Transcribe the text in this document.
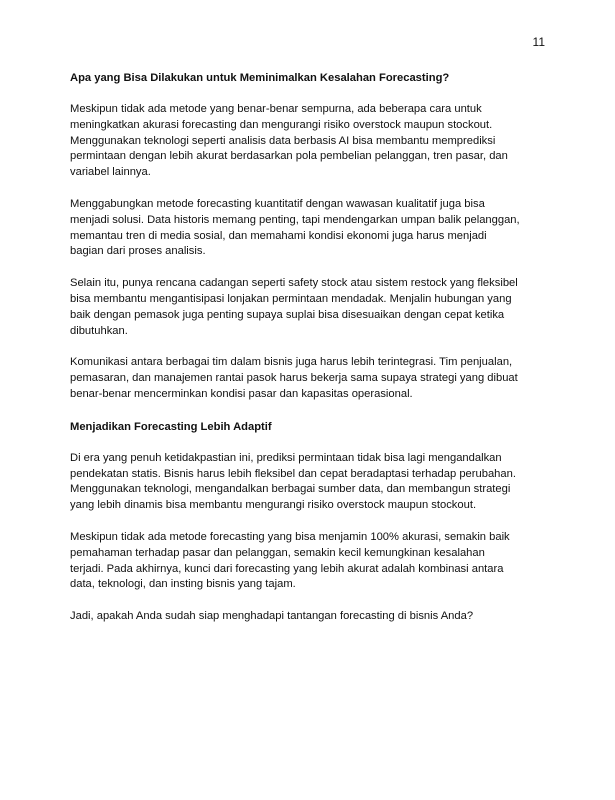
11
Apa yang Bisa Dilakukan untuk Meminimalkan Kesalahan Forecasting?

Meskipun tidak ada metode yang benar-benar sempurna, ada beberapa cara untuk
meningkatkan akurasi forecasting dan mengurangi risiko overstock maupun stockout.
Menggunakan teknologi seperti analisis data berbasis AI bisa membantu memprediksi
permintaan dengan lebih akurat berdasarkan pola pembelian pelanggan, tren pasar, dan
variabel lainnya.

Menggabungkan metode forecasting kuantitatif dengan wawasan kualitatif juga bisa
menjadi solusi. Data historis memang penting, tapi mendengarkan umpan balik pelanggan,
memantau tren di media sosial, dan memahami kondisi ekonomi juga harus menjadi
bagian dari proses analisis.

Selain itu, punya rencana cadangan seperti safety stock atau sistem restock yang fleksibel
bisa membantu mengantisipasi lonjakan permintaan mendadak. Menjalin hubungan yang
baik dengan pemasok juga penting supaya suplai bisa disesuaikan dengan cepat ketika
dibutuhkan.

Komunikasi antara berbagai tim dalam bisnis juga harus lebih terintegrasi. Tim penjualan,
pemasaran, dan manajemen rantai pasok harus bekerja sama supaya strategi yang dibuat
benar-benar mencerminkan kondisi pasar dan kapasitas operasional.

Menjadikan Forecasting Lebih Adaptif

Di era yang penuh ketidakpastian ini, prediksi permintaan tidak bisa lagi mengandalkan
pendekatan statis. Bisnis harus lebih fleksibel dan cepat beradaptasi terhadap perubahan.
Menggunakan teknologi, mengandalkan berbagai sumber data, dan membangun strategi
yang lebih dinamis bisa membantu mengurangi risiko overstock maupun stockout.

Meskipun tidak ada metode forecasting yang bisa menjamin 100% akurasi, semakin baik
pemahaman terhadap pasar dan pelanggan, semakin kecil kemungkinan kesalahan
terjadi. Pada akhirnya, kunci dari forecasting yang lebih akurat adalah kombinasi antara
data, teknologi, dan insting bisnis yang tajam.

Jadi, apakah Anda sudah siap menghadapi tantangan forecasting di bisnis Anda?
